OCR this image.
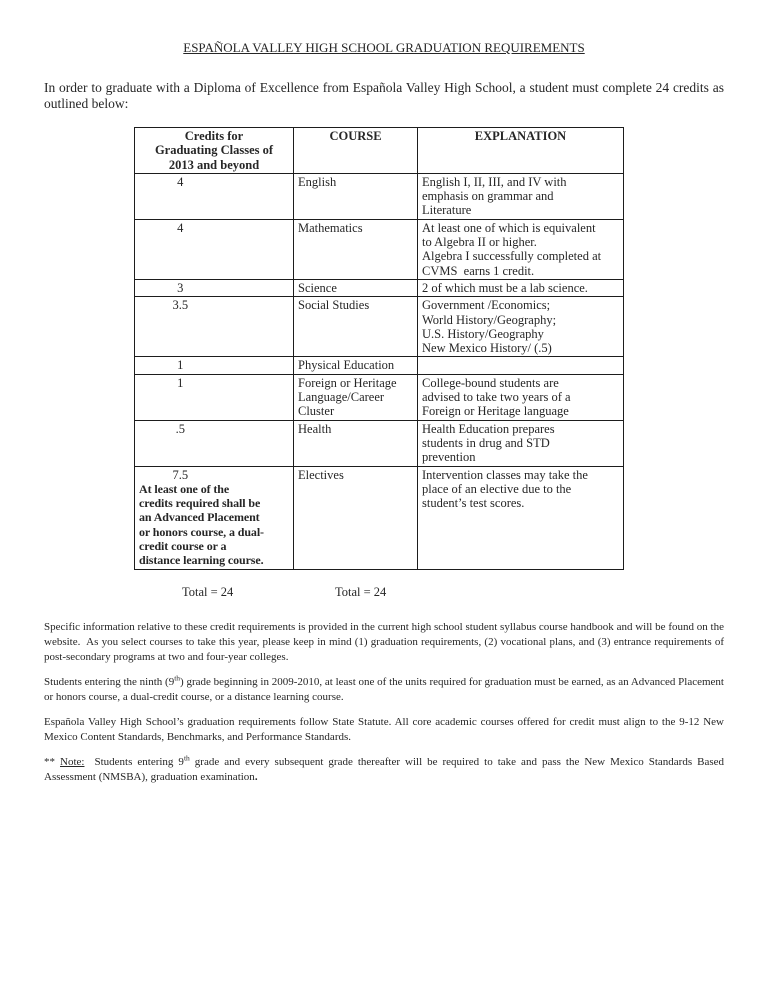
ESPAÑOLA VALLEY HIGH SCHOOL GRADUATION REQUIREMENTS

In order to graduate with a Diploma of Excellence from Española Valley High School, a student must complete 24 credits as outlined below:

Credits for
Graduating Classes of
2013 and beyond	COURSE	EXPLANATION

4	English	English I, II, III, and IV with
emphasis on grammar and
Literature

4	Mathematics	At least one of which is equivalent
to Algebra II or higher.
Algebra I successfully completed at
CVMS  earns 1 credit.

3	Science	2 of which must be a lab science.

3.5	Social Studies	Government /Economics;
World History/Geography;
U.S. History/Geography
New Mexico History/ (.5)

1	Physical Education	

1	Foreign or Heritage
Language/Career
Cluster	College-bound students are
advised to take two years of a
Foreign or Heritage language

.5	Health	Health Education prepares
students in drug and STD
prevention

7.5
At least one of the
credits required shall be
an Advanced Placement
or honors course, a dual-
credit course or a
distance learning course.
	Electives	Intervention classes may take the
place of an elective due to the
student’s test scores.
Total = 24	Total = 24

Specific information relative to these credit requirements is provided in the current high school student syllabus course handbook and will be found on the website.  As you select courses to take this year, please keep in mind (1) graduation requirements, (2) vocational plans, and (3) entrance requirements of post-secondary programs at two and four-year colleges.

Students entering the ninth (9th) grade beginning in 2009-2010, at least one of the units required for graduation must be earned, as an Advanced Placement or honors course, a dual-credit course, or a distance learning course.

Española Valley High School’s graduation requirements follow State Statute. All core academic courses offered for credit must align to the 9-12 New Mexico Content Standards, Benchmarks, and Performance Standards.

** Note:  Students entering 9th grade and every subsequent grade thereafter will be required to take and pass the New Mexico Standards Based Assessment (NMSBA), graduation examination.
